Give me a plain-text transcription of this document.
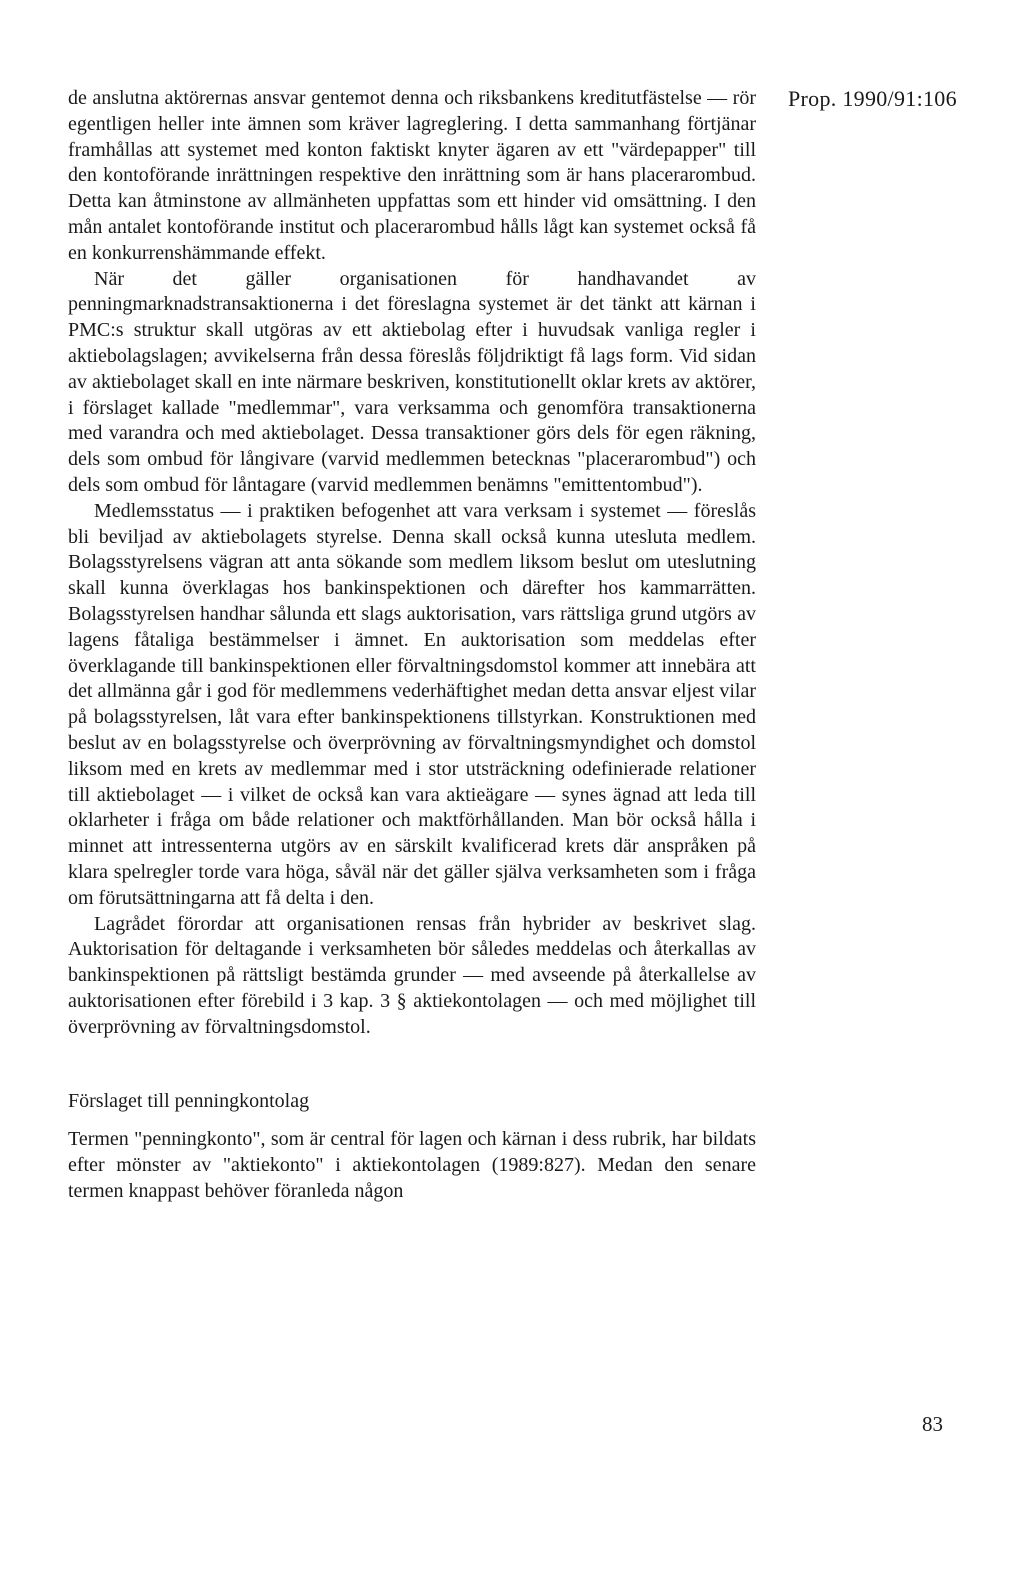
Prop. 1990/91:106

de anslutna aktörernas ansvar gentemot denna och riksbankens kreditutfästelse — rör egentligen heller inte ämnen som kräver lagreglering. I detta sammanhang förtjänar framhållas att systemet med konton faktiskt knyter ägaren av ett "värdepapper" till den kontoförande inrättningen respektive den inrättning som är hans placerarombud. Detta kan åtminstone av allmänheten uppfattas som ett hinder vid omsättning. I den mån antalet kontoförande institut och placerarombud hålls lågt kan systemet också få en konkurrenshämmande effekt.

När det gäller organisationen för handhavandet av penningmarknadstransaktionerna i det föreslagna systemet är det tänkt att kärnan i PMC:s struktur skall utgöras av ett aktiebolag efter i huvudsak vanliga regler i aktiebolagslagen; avvikelserna från dessa föreslås följdriktigt få lags form. Vid sidan av aktiebolaget skall en inte närmare beskriven, konstitutionellt oklar krets av aktörer, i förslaget kallade "medlemmar", vara verksamma och genomföra transaktionerna med varandra och med aktiebolaget. Dessa transaktioner görs dels för egen räkning, dels som ombud för långivare (varvid medlemmen betecknas "placerarombud") och dels som ombud för låntagare (varvid medlemmen benämns "emittentombud").

Medlemsstatus — i praktiken befogenhet att vara verksam i systemet — föreslås bli beviljad av aktiebolagets styrelse. Denna skall också kunna utesluta medlem. Bolagsstyrelsens vägran att anta sökande som medlem liksom beslut om uteslutning skall kunna överklagas hos bankinspektionen och därefter hos kammarrätten. Bolagsstyrelsen handhar sålunda ett slags auktorisation, vars rättsliga grund utgörs av lagens fåtaliga bestämmelser i ämnet. En auktorisation som meddelas efter överklagande till bankinspektionen eller förvaltningsdomstol kommer att innebära att det allmänna går i god för medlemmens vederhäftighet medan detta ansvar eljest vilar på bolagsstyrelsen, låt vara efter bankinspektionens tillstyrkan. Konstruktionen med beslut av en bolagsstyrelse och överprövning av förvaltningsmyndighet och domstol liksom med en krets av medlemmar med i stor utsträckning odefinierade relationer till aktiebolaget — i vilket de också kan vara aktieägare — synes ägnad att leda till oklarheter i fråga om både relationer och maktförhållanden. Man bör också hålla i minnet att intressenterna utgörs av en särskilt kvalificerad krets där anspråken på klara spelregler torde vara höga, såväl när det gäller själva verksamheten som i fråga om förutsättningarna att få delta i den.

Lagrådet förordar att organisationen rensas från hybrider av beskrivet slag. Auktorisation för deltagande i verksamheten bör således meddelas och återkallas av bankinspektionen på rättsligt bestämda grunder — med avseende på återkallelse av auktorisationen efter förebild i 3 kap. 3 § aktiekontolagen — och med möjlighet till överprövning av förvaltningsdomstol.

Förslaget till penningkontolag

Termen "penningkonto", som är central för lagen och kärnan i dess rubrik, har bildats efter mönster av "aktiekonto" i aktiekontolagen (1989:827). Medan den senare termen knappast behöver föranleda någon

83
